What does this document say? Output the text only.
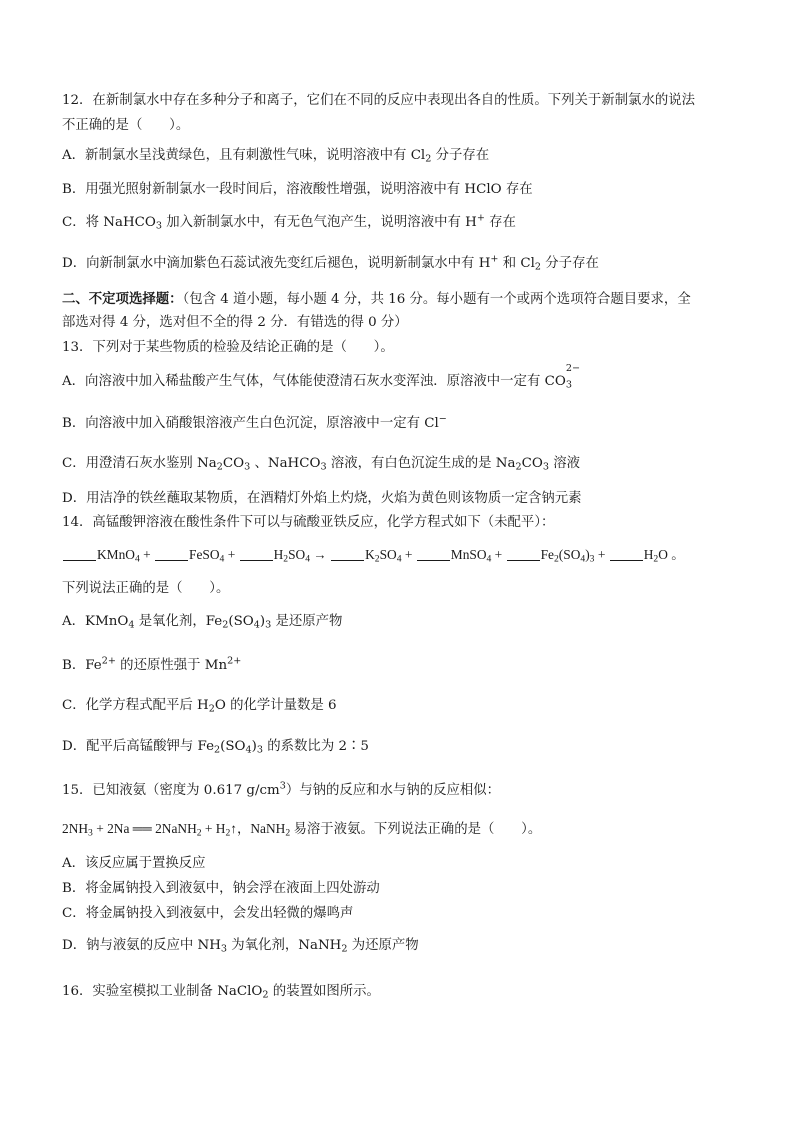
12．在新制氯水中存在多种分子和离子，它们在不同的反应中表现出各自的性质。下列关于新制氯水的说法
不正确的是（　　）。
A．新制氯水呈浅黄绿色，且有刺激性气味，说明溶液中有 $Cl_2$ 分子存在
B．用强光照射新制氯水一段时间后，溶液酸性增强，说明溶液中有 HClO 存在
C．将 NaHCO$_3$ 加入新制氯水中，有无色气泡产生，说明溶液中有 H+ 存在
D．向新制氯水中滴加紫色石蕊试液先变红后褪色，说明新制氯水中有 H+ 和 $Cl_2$ 分子存在
二、不定项选择题：（包含 4 道小题，每小题 4 分，共 16 分。每小题有一个或两个选项符合题目要求，全
部选对得 4 分，选对但不全的得 2 分．有错选的得 0 分）
13．下列对于某些物质的检验及结论正确的是（　　）。
A．向溶液中加入稀盐酸产生气体，气体能使澄清石灰水变浑浊．原溶液中一定有 $CO_3$
2−
B．向溶液中加入硝酸银溶液产生白色沉淀，原溶液中一定有 Cl−
C．用澄清石灰水鉴别 $Na_2CO_3$ 、NaHCO$_3$ 溶液，有白色沉淀生成的是 $Na_2CO_3$ 溶液
D．用洁净的铁丝蘸取某物质，在酒精灯外焰上灼烧，火焰为黄色则该物质一定含钠元素
14．高锰酸钾溶液在酸性条件下可以与硫酸亚铁反应，化学方程式如下（未配平）：
KMnO$_4$ +	FeSO$_4$ +	$H_2SO_4$ →	$K_2SO_4$ +	MnSO$_4$ +	$Fe_2(SO_4)_3$ +	$H_2O$ 。
下列说法正确的是（　　）。
A．KMnO$_4$ 是氧化剂，$Fe_2(SO_4)_3$ 是还原产物
B．$Fe^{2+}$ 的还原性强于 $Mn^{2+}$
C．化学方程式配平后 $H_2O$ 的化学计量数是 6
D．配平后高锰酸钾与 $Fe_2(SO_4)_3$ 的系数比为 2∶5
15．已知液氨（密度为 0.617 $g/cm^3$）与钠的反应和水与钠的反应相似：
$2NH_3 + 2Na$ ══ 2NaNH$_2$ + $H_2↑$，NaNH$_2$ 易溶于液氨。下列说法正确的是（　　）。
A．该反应属于置换反应
B．将金属钠投入到液氨中，钠会浮在液面上四处游动
C．将金属钠投入到液氨中，会发出轻微的爆鸣声
D．钠与液氨的反应中 $NH_3$ 为氧化剂，NaNH$_2$ 为还原产物
16．实验室模拟工业制备 NaClO$_2$ 的装置如图所示。
